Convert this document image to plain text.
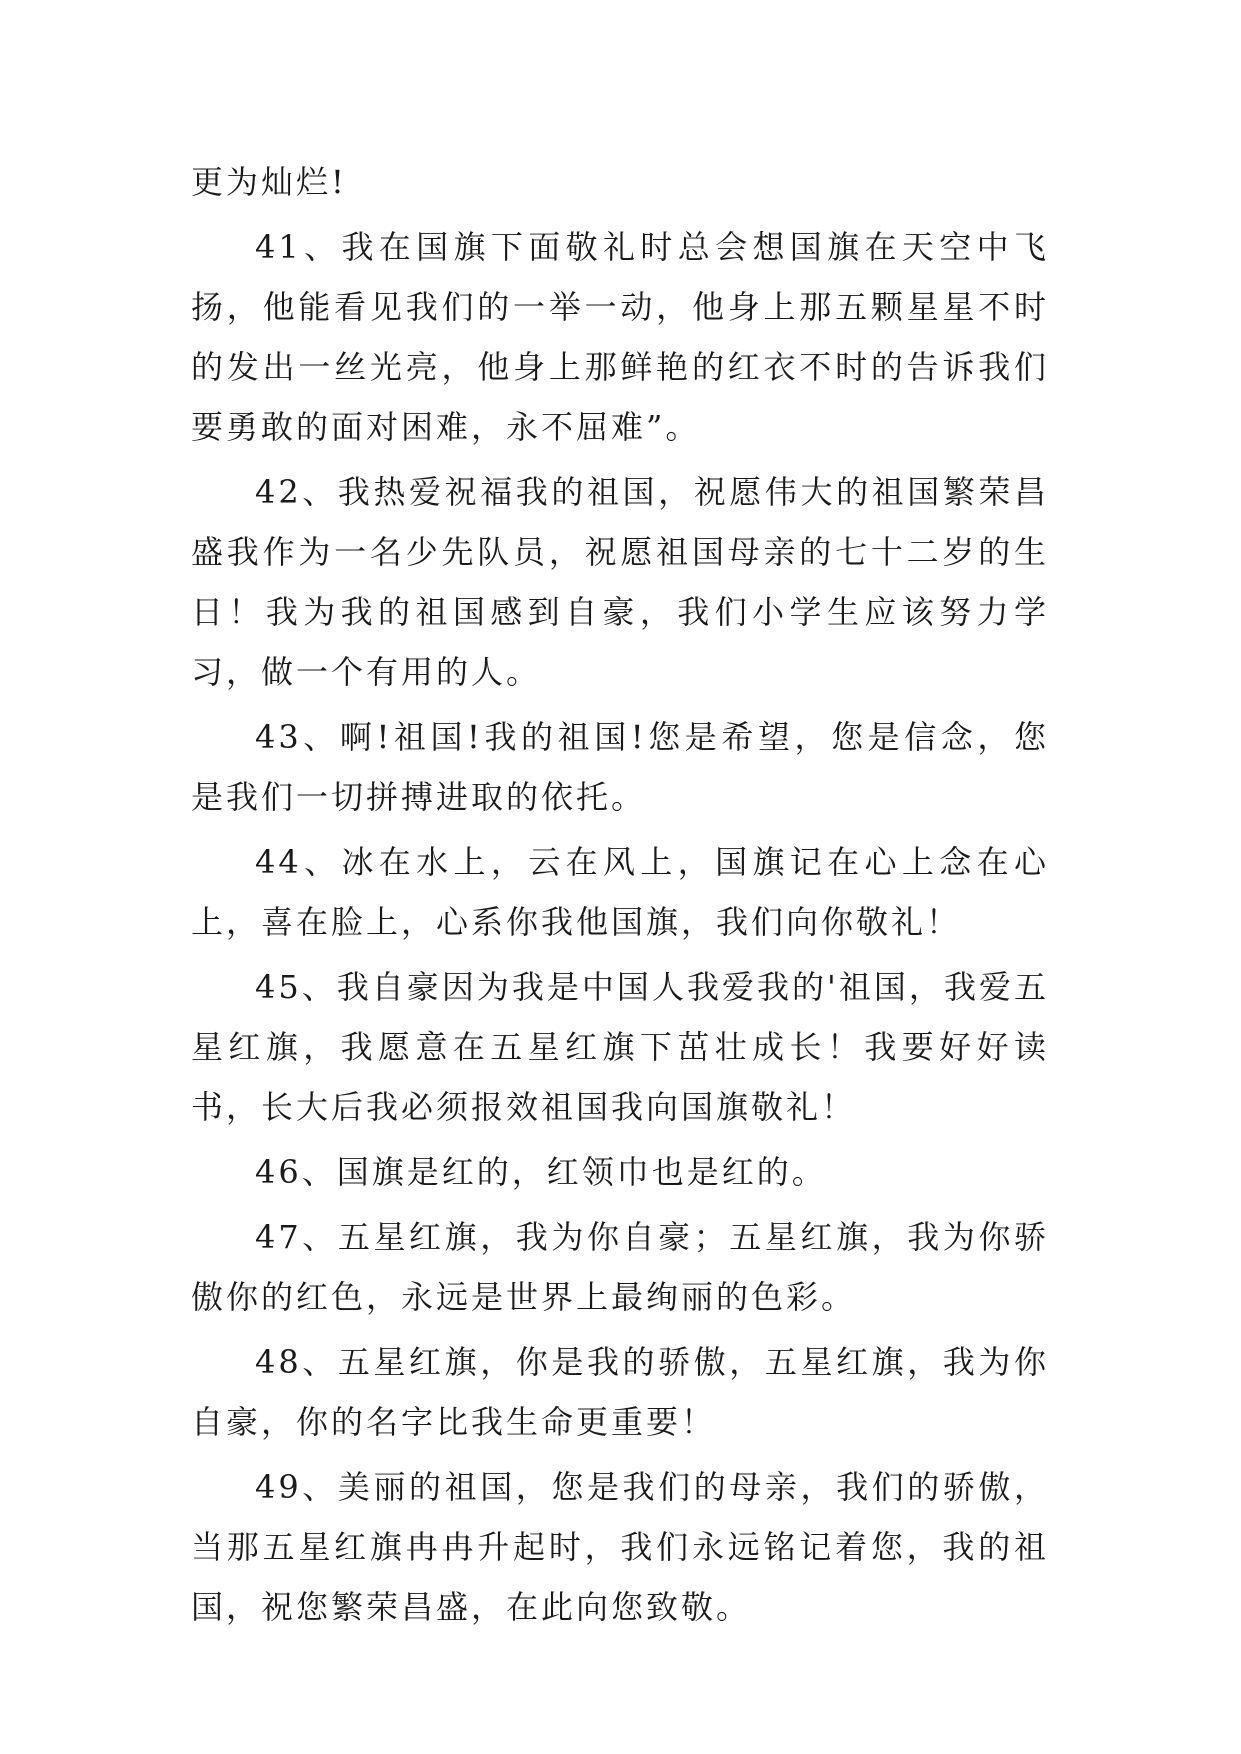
更为灿烂!

41、我在国旗下面敬礼时总会想国旗在天空中飞扬，他能看见我们的一举一动，他身上那五颗星星不时的发出一丝光亮，他身上那鲜艳的红衣不时的告诉我们要勇敢的面对困难，永不屈难”。

42、我热爱祝福我的祖国，祝愿伟大的祖国繁荣昌盛我作为一名少先队员，祝愿祖国母亲的七十二岁的生日！我为我的祖国感到自豪，我们小学生应该努力学习，做一个有用的人。

43、啊!祖国!我的祖国!您是希望，您是信念，您是我们一切拼搏进取的依托。

44、冰在水上，云在风上，国旗记在心上念在心上，喜在脸上，心系你我他国旗，我们向你敬礼！

45、我自豪因为我是中国人我爱我的'祖国，我爱五星红旗，我愿意在五星红旗下茁壮成长！我要好好读书，长大后我必须报效祖国我向国旗敬礼！

46、国旗是红的，红领巾也是红的。

47、五星红旗，我为你自豪；五星红旗，我为你骄傲你的红色，永远是世界上最绚丽的色彩。

48、五星红旗，你是我的骄傲，五星红旗，我为你自豪，你的名字比我生命更重要！

49、美丽的祖国，您是我们的母亲，我们的骄傲，当那五星红旗冉冉升起时，我们永远铭记着您，我的祖国，祝您繁荣昌盛，在此向您致敬。
